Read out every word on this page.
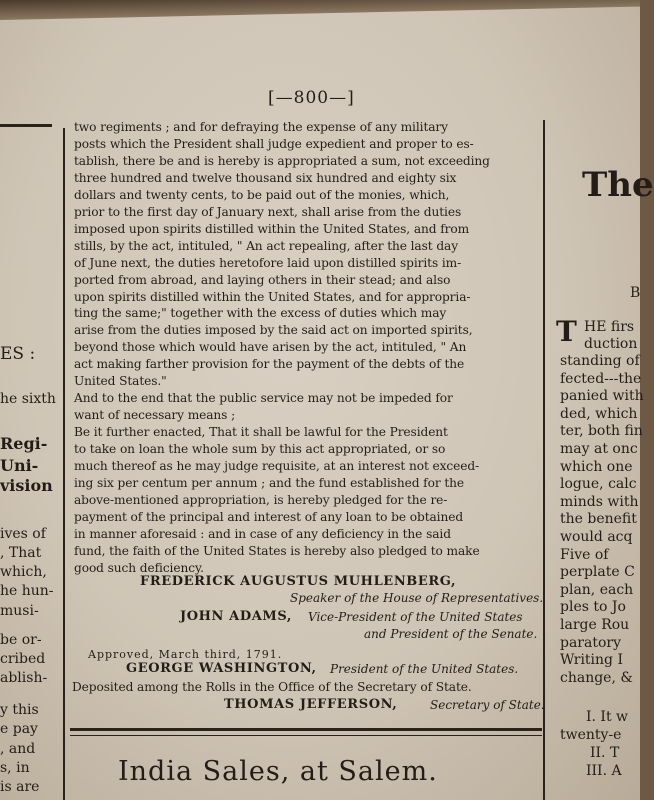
[—800—]
two regiments ; and for defraying the expense of any military
posts which the President shall judge expedient and proper to es-
tablish, there be and is hereby is appropriated a sum, not exceeding
three hundred and twelve thousand six hundred and eighty six
dollars and twenty cents, to be paid out of the monies, which,
prior to the first day of January next, shall arise from the duties
imposed upon spirits distilled within the United States, and from
stills, by the act, intituled, " An act repealing, after the last day
of June next, the duties heretofore laid upon distilled spirits im-
ported from abroad, and laying others in their stead; and also
upon spirits distilled within the United States, and for appropria-
ting the same;" together with the excess of duties which may
arise from the duties imposed by the said act on imported spirits,
beyond those which would have arisen by the act, intituled, " An
act making farther provision for the payment of the debts of the
United States."
And to the end that the public service may not be impeded for
want of necessary means ;
Be it further enacted, That it shall be lawful for the President
to take on loan the whole sum by this act appropriated, or so
much thereof as he may judge requisite, at an interest not exceed-
ing six per centum per annum ; and the fund established for the
above-mentioned appropriation, is hereby pledged for the re-
payment of the principal and interest of any loan to be obtained
in manner aforesaid : and in case of any deficiency in the said
fund, the faith of the United States is hereby also pledged to make
good such deficiency.
FREDERICK AUGUSTUS MUHLENBERG,
Speaker of the House of Representatives.
JOHN ADAMS, Vice-President of the United States
and President of the Senate.
Approved, March third, 1791.
GEORGE WASHINGTON, President of the United States.
Deposited among the Rolls in the Office of the Secretary of State.
THOMAS JEFFERSON,	Secretary of State.
India Sales, at Salem.
ES :
he sixth
Regi-
Uni-
vision
ives of
, That
which,
he hun-
musi-
be or-
cribed
ablish-
y this
e pay
, and
s, in
is are
The
B
T HE firs
duction
standing of
fected---the
panied with
ded, which
ter, both fin
may at onc
which one
logue, calc
minds with
the benefit
would acq
Five of
perplate C
plan, each
ples to Jo
large Rou
paratory
Writing I
change, &
I. It w
twenty-e
II. T
III. A
